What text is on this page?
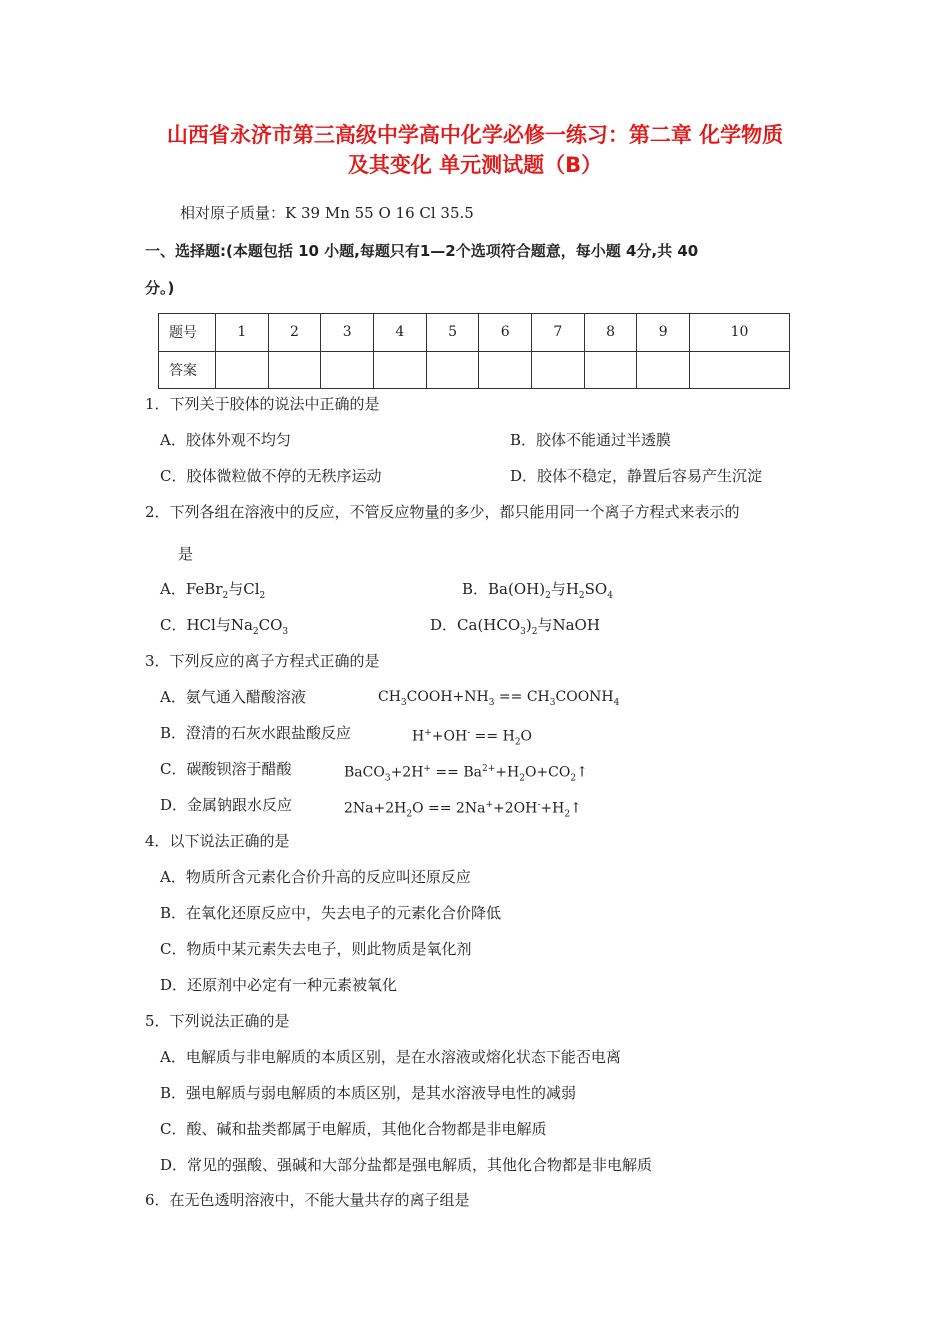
山西省永济市第三高级中学高中化学必修一练习：第二章 化学物质
及其变化 单元测试题（B）
相对原子质量：K 39 Mn 55 O 16 Cl 35.5
一、选择题:(本题包括 10 小题,每题只有1—2个选项符合题意，每小题 4分,共 40
分。)
题号	1	2	3	4	5	6	7	8	9	10
答案										
1．下列关于胶体的说法中正确的是
A．胶体外观不均匀	B．胶体不能通过半透膜
C．胶体微粒做不停的无秩序运动	D．胶体不稳定，静置后容易产生沉淀
2．下列各组在溶液中的反应，不管反应物量的多少，都只能用同一个离子方程式来表示的
是
A．FeBr$_2$与$Cl_2$	B．$Ba(OH)_2$与$H_2SO_4$
C．HCl与$Na_2CO_3$	D．$Ca(HCO_3)_2$与NaOH
3．下列反应的离子方程式正确的是
A．氨气通入醋酸溶液	$CH_3COOH+NH_3$ == $CH_3COONH_4$
B．澄清的石灰水跟盐酸反应	$H^++OH^- == H_2O$
C．碳酸钡溶于醋酸	BaCO$_3$+2H+ == $Ba^{2+}+H_2O+CO_2↑$
D．金属钠跟水反应	$2Na+2H_2O$ == $2Na^++2OH^-+H_2↑$
4．以下说法正确的是
A．物质所含元素化合价升高的反应叫还原反应
B．在氧化还原反应中，失去电子的元素化合价降低
C．物质中某元素失去电子，则此物质是氧化剂
D．还原剂中必定有一种元素被氧化
5．下列说法正确的是
A．电解质与非电解质的本质区别，是在水溶液或熔化状态下能否电离
B．强电解质与弱电解质的本质区别，是其水溶液导电性的减弱
C．酸、碱和盐类都属于电解质，其他化合物都是非电解质
D．常见的强酸、强碱和大部分盐都是强电解质，其他化合物都是非电解质
6．在无色透明溶液中，不能大量共存的离子组是
